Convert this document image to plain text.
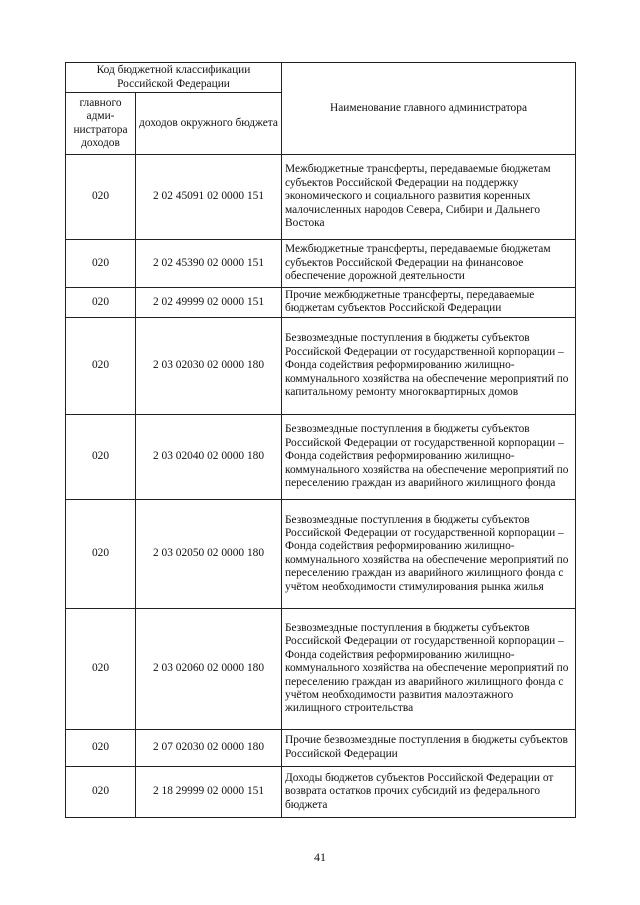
Код бюджетной классификации Российской Федерации		Наименование главного администратора
главного адми-нистратора доходов	доходов окружного бюджета	
020	2 02 45091 02 0000 151	Межбюджетные трансферты, передаваемые бюджетам субъектов Российской Федерации на поддержку экономического и социального развития коренных малочисленных народов Севера, Сибири и Дальнего Востока
020	2 02 45390 02 0000 151	Межбюджетные трансферты, передаваемые бюджетам субъектов Российской Федерации на финансовое обеспечение дорожной деятельности
020	2 02 49999 02 0000 151	Прочие межбюджетные трансферты, передаваемые бюджетам субъектов Российской Федерации
020	2 03 02030 02 0000 180	Безвозмездные поступления в бюджеты субъектов Российской Федерации от государственной корпорации – Фонда содействия реформированию жилищно-коммунального хозяйства на обеспечение мероприятий по капитальному ремонту многоквартирных домов
020	2 03 02040 02 0000 180	Безвозмездные поступления в бюджеты субъектов Российской Федерации от государственной корпорации – Фонда содействия реформированию жилищно-коммунального хозяйства на обеспечение мероприятий по переселению граждан из аварийного жилищного фонда
020	2 03 02050 02 0000 180	Безвозмездные поступления в бюджеты субъектов Российской Федерации от государственной корпорации – Фонда содействия реформированию жилищно-коммунального хозяйства на обеспечение мероприятий по переселению граждан из аварийного жилищного фонда с учётом необходимости стимулирования рынка жилья
020	2 03 02060 02 0000 180	Безвозмездные поступления в бюджеты субъектов Российской Федерации от государственной корпорации – Фонда содействия реформированию жилищно-коммунального хозяйства на обеспечение мероприятий по переселению граждан из аварийного жилищного фонда с учётом необходимости развития малоэтажного жилищного строительства
020	2 07 02030 02 0000 180	Прочие безвозмездные поступления в бюджеты субъектов Российской Федерации
020	2 18 29999 02 0000 151	Доходы бюджетов субъектов Российской Федерации от возврата остатков прочих субсидий из федерального бюджета
41
